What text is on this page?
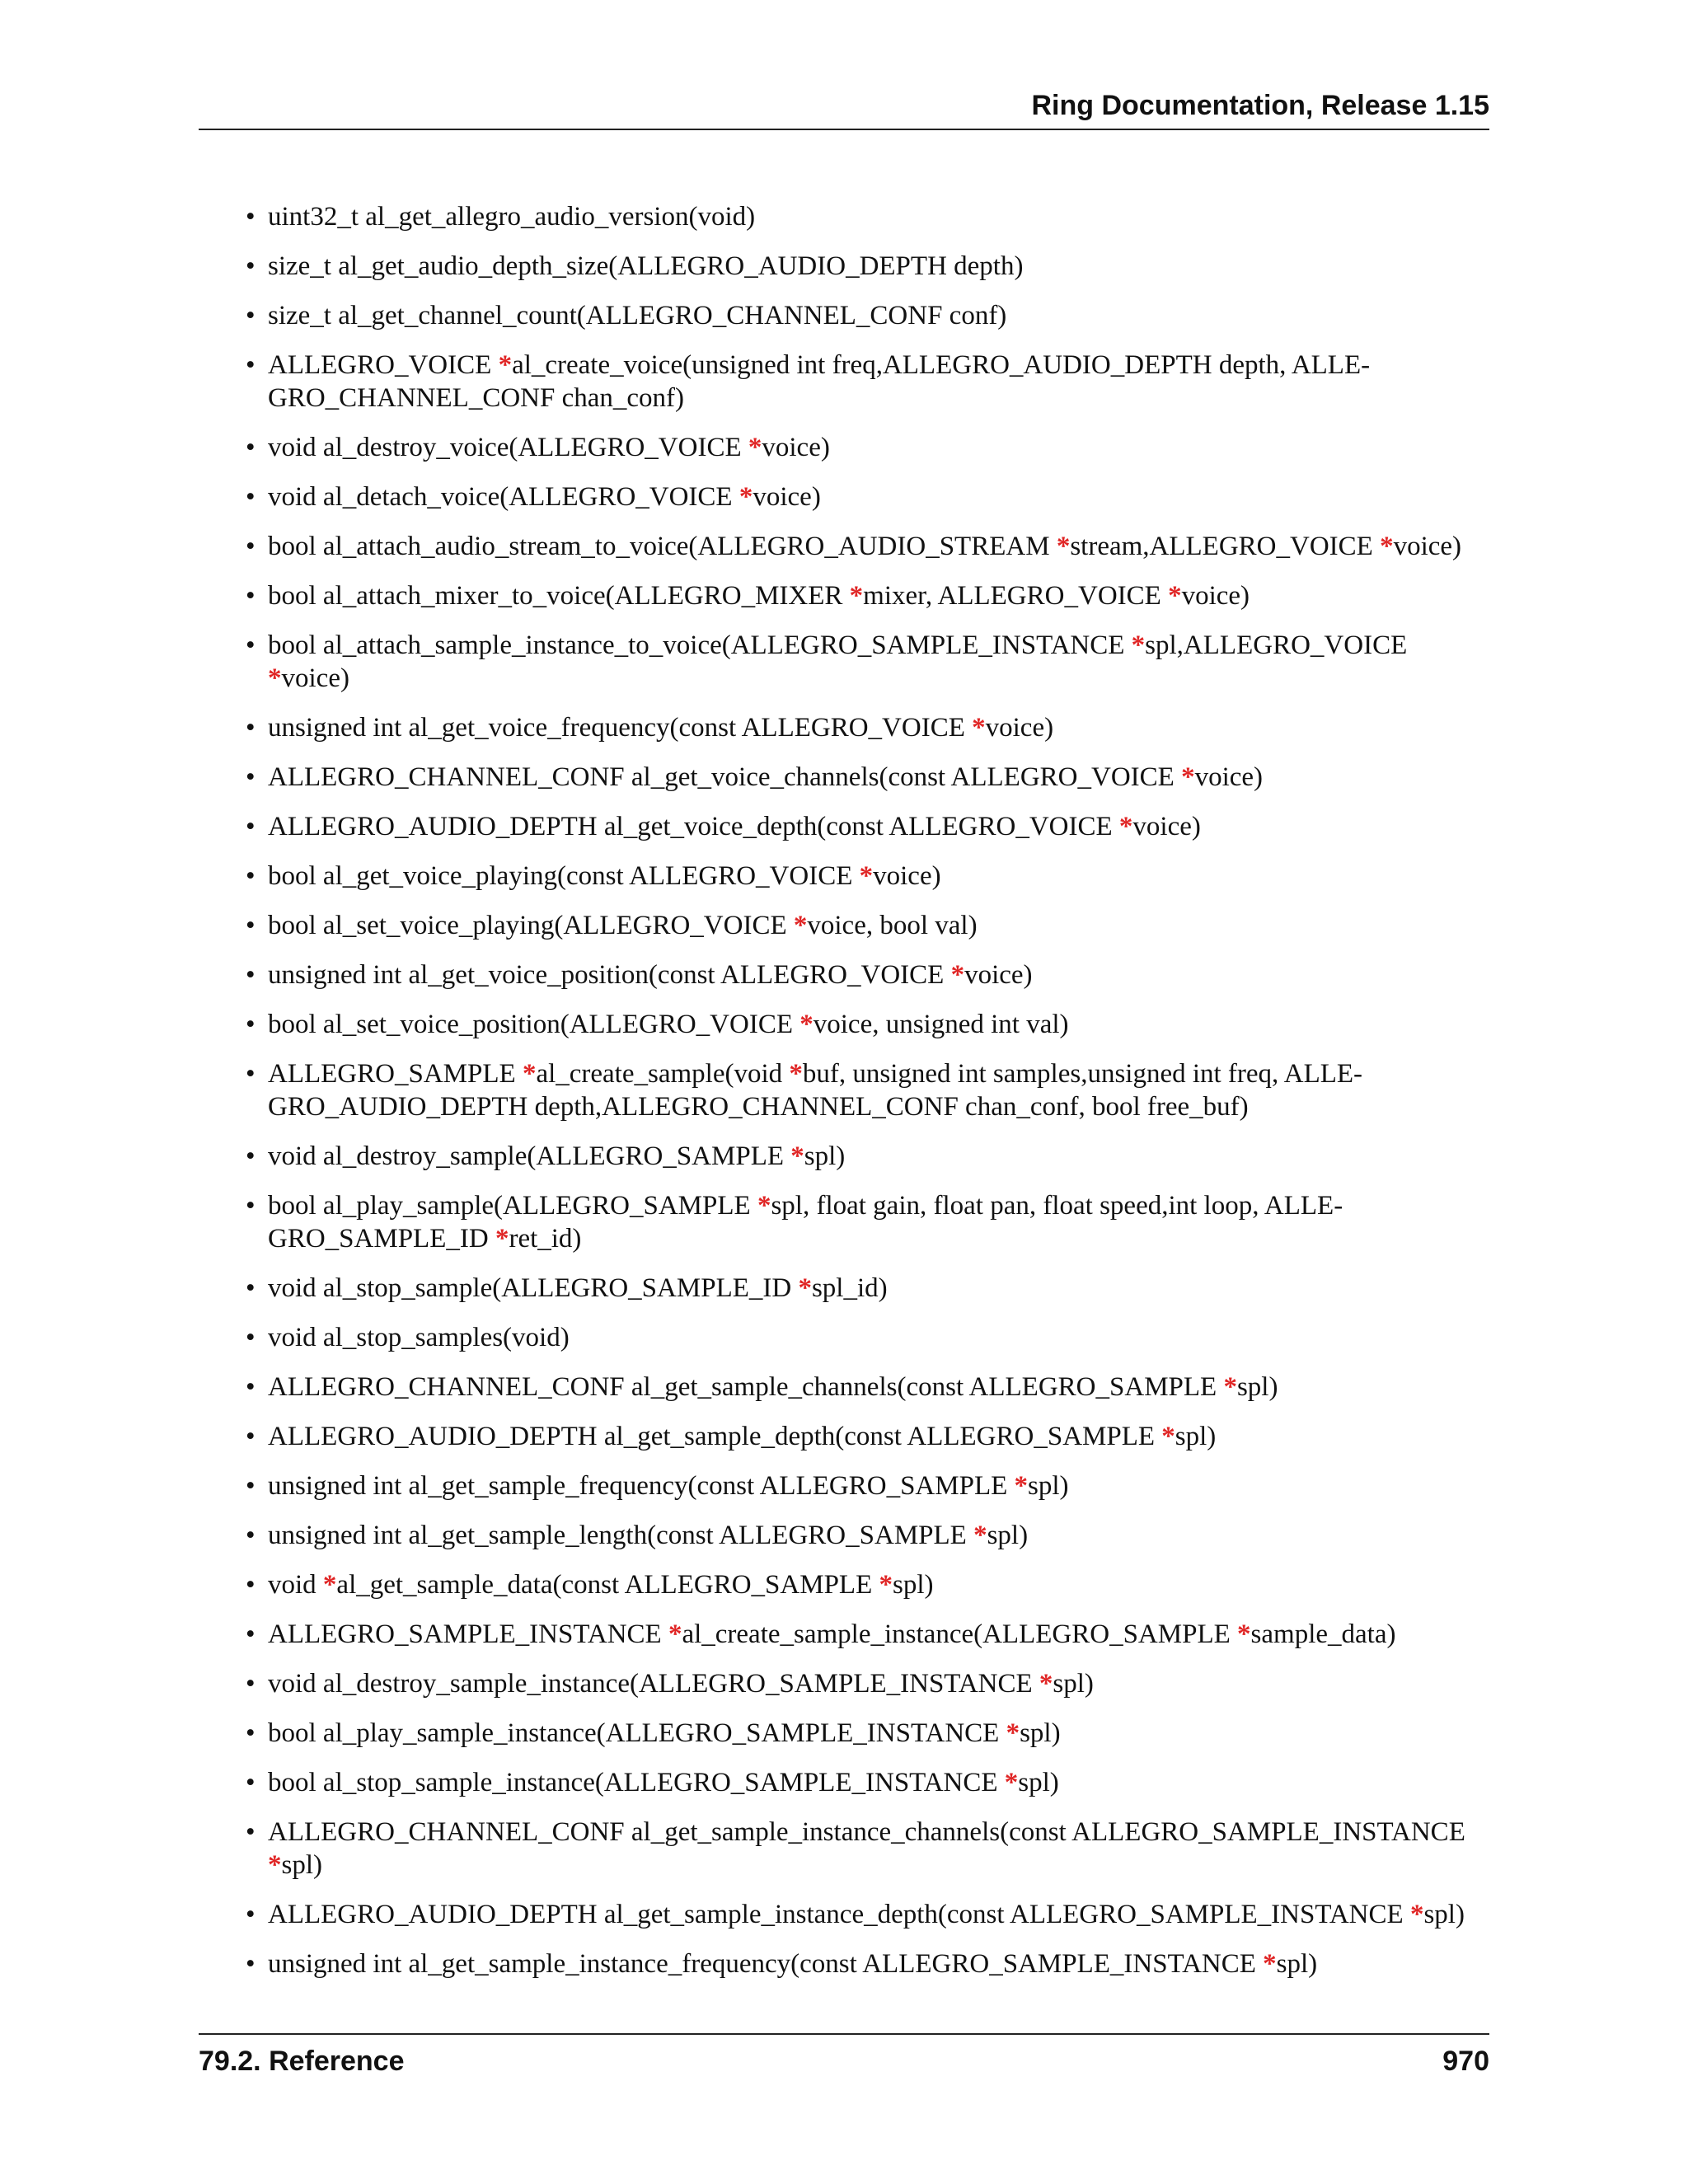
Ring Documentation, Release 1.15
• uint32_t al_get_allegro_audio_version(void)
• size_t al_get_audio_depth_size(ALLEGRO_AUDIO_DEPTH depth)
• size_t al_get_channel_count(ALLEGRO_CHANNEL_CONF conf)
• ALLEGRO_VOICE *al_create_voice(unsigned int freq,ALLEGRO_AUDIO_DEPTH depth, ALLE-
GRO_CHANNEL_CONF chan_conf)
• void al_destroy_voice(ALLEGRO_VOICE *voice)
• void al_detach_voice(ALLEGRO_VOICE *voice)
• bool al_attach_audio_stream_to_voice(ALLEGRO_AUDIO_STREAM *stream,ALLEGRO_VOICE *voice)
• bool al_attach_mixer_to_voice(ALLEGRO_MIXER *mixer, ALLEGRO_VOICE *voice)
• bool al_attach_sample_instance_to_voice(ALLEGRO_SAMPLE_INSTANCE *spl,ALLEGRO_VOICE
*voice)
• unsigned int al_get_voice_frequency(const ALLEGRO_VOICE *voice)
• ALLEGRO_CHANNEL_CONF al_get_voice_channels(const ALLEGRO_VOICE *voice)
• ALLEGRO_AUDIO_DEPTH al_get_voice_depth(const ALLEGRO_VOICE *voice)
• bool al_get_voice_playing(const ALLEGRO_VOICE *voice)
• bool al_set_voice_playing(ALLEGRO_VOICE *voice, bool val)
• unsigned int al_get_voice_position(const ALLEGRO_VOICE *voice)
• bool al_set_voice_position(ALLEGRO_VOICE *voice, unsigned int val)
• ALLEGRO_SAMPLE *al_create_sample(void *buf, unsigned int samples,unsigned int freq, ALLE-
GRO_AUDIO_DEPTH depth,ALLEGRO_CHANNEL_CONF chan_conf, bool free_buf)
• void al_destroy_sample(ALLEGRO_SAMPLE *spl)
• bool al_play_sample(ALLEGRO_SAMPLE *spl, float gain, float pan, float speed,int loop, ALLE-
GRO_SAMPLE_ID *ret_id)
• void al_stop_sample(ALLEGRO_SAMPLE_ID *spl_id)
• void al_stop_samples(void)
• ALLEGRO_CHANNEL_CONF al_get_sample_channels(const ALLEGRO_SAMPLE *spl)
• ALLEGRO_AUDIO_DEPTH al_get_sample_depth(const ALLEGRO_SAMPLE *spl)
• unsigned int al_get_sample_frequency(const ALLEGRO_SAMPLE *spl)
• unsigned int al_get_sample_length(const ALLEGRO_SAMPLE *spl)
• void *al_get_sample_data(const ALLEGRO_SAMPLE *spl)
• ALLEGRO_SAMPLE_INSTANCE *al_create_sample_instance(ALLEGRO_SAMPLE *sample_data)
• void al_destroy_sample_instance(ALLEGRO_SAMPLE_INSTANCE *spl)
• bool al_play_sample_instance(ALLEGRO_SAMPLE_INSTANCE *spl)
• bool al_stop_sample_instance(ALLEGRO_SAMPLE_INSTANCE *spl)
• ALLEGRO_CHANNEL_CONF al_get_sample_instance_channels(const ALLEGRO_SAMPLE_INSTANCE
*spl)
• ALLEGRO_AUDIO_DEPTH al_get_sample_instance_depth(const ALLEGRO_SAMPLE_INSTANCE *spl)
• unsigned int al_get_sample_instance_frequency(const ALLEGRO_SAMPLE_INSTANCE *spl)
79.2. Reference	970
